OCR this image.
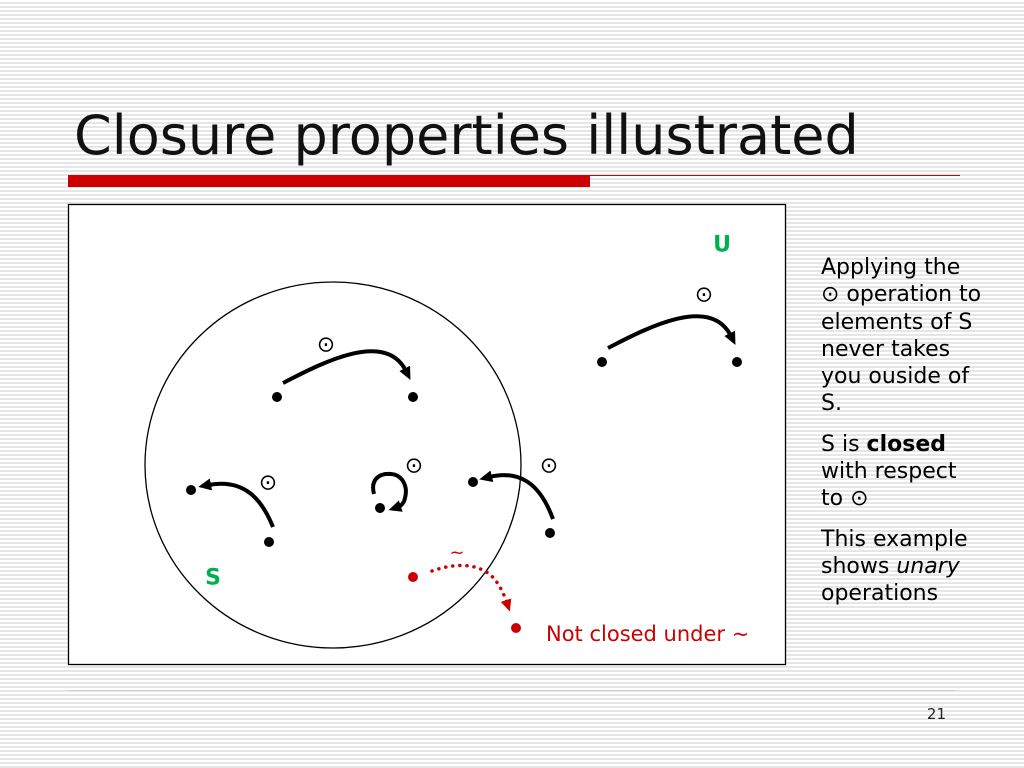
U
S
⊙
⊙
⊙
⊙	⊙
~
Not closed under ~
Closure properties illustrated
Applying the
⊙ operation to
elements of S
never takes
you ouside of
S.
S is closed
with respect
to ⊙
This example
shows unary
operations
21
